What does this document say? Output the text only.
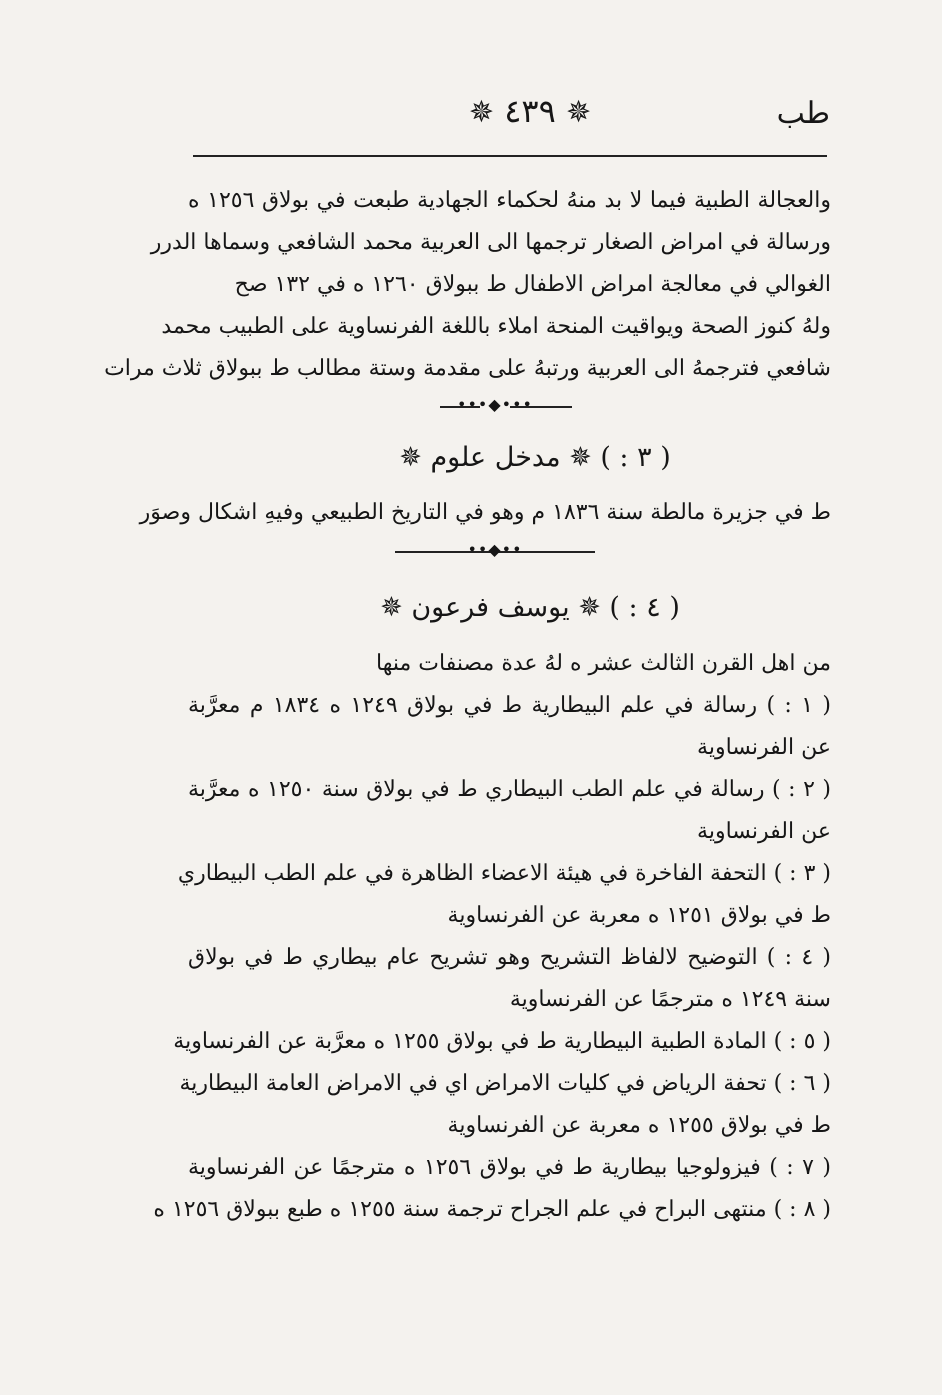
طب
✵ ٤٣٩ ✵
والعجالة الطبية فيما لا بد منهُ لحكماء الجهادية طبعت في بولاق ١٢٥٦ ه
ورسالة في امراض الصغار ترجمها الى العربية محمد الشافعي وسماها الدرر
الغوالي في معالجة امراض الاطفال ط ببولاق ١٢٦٠ ه في ١٣٢ صح
ولهُ كنوز الصحة ويواقيت المنحة املاء باللغة الفرنساوية على الطبيب محمد
شافعي فترجمهُ الى العربية ورتبهُ على مقدمة وستة مطالب ط ببولاق ثلاث مرات
•••◆•••
( ٣ : ) ✵ مدخل علوم ✵
ط في جزيرة مالطة سنة ١٨٣٦ م وهو في التاريخ الطبيعي وفيهِ اشكال وصوَر
••◆••
( ٤ : ) ✵ يوسف فرعون ✵
من اهل القرن الثالث عشر ه لهُ عدة مصنفات منها
( ١ : ) رسالة في علم البيطارية ط في بولاق ١٢٤٩ ه ١٨٣٤ م معرَّبة
عن الفرنساوية
( ٢ : ) رسالة في علم الطب البيطاري ط في بولاق سنة ١٢٥٠ ه معرَّبة
عن الفرنساوية
( ٣ : ) التحفة الفاخرة في هيئة الاعضاء الظاهرة في علم الطب البيطاري
ط في بولاق ١٢٥١ ه معربة عن الفرنساوية
( ٤ : ) التوضيح لالفاظ التشريح وهو تشريح عام بيطاري ط في بولاق
سنة ١٢٤٩ ه مترجمًا عن الفرنساوية
( ٥ : ) المادة الطبية البيطارية ط في بولاق ١٢٥٥ ه معرَّبة عن الفرنساوية
( ٦ : ) تحفة الرياض في كليات الامراض اي في الامراض العامة البيطارية
ط في بولاق ١٢٥٥ ه معربة عن الفرنساوية
( ٧ : ) فيزولوجيا بيطارية ط في بولاق ١٢٥٦ ه مترجمًا عن الفرنساوية
( ٨ : ) منتهى البراح في علم الجراح ترجمة سنة ١٢٥٥ ه طبع ببولاق ١٢٥٦ ه
